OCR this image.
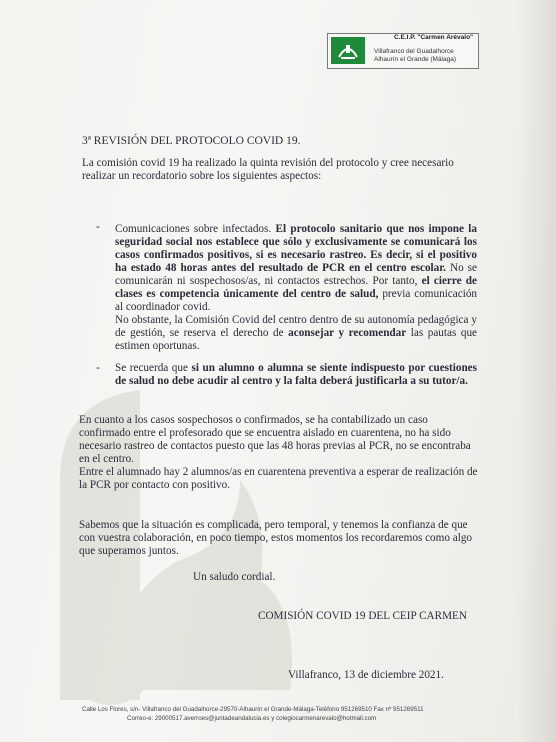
C.E.I.P. "Carmen Arévalo"
Villafranco del Guadalhorce
Alhaurín el Grande (Málaga)
3ª REVISIÓN DEL PROTOCOLO COVID 19.
La comisión covid 19 ha realizado la quinta revisión del protocolo y cree necesario realizar un recordatorio sobre los siguientes aspectos:
- Comunicaciones sobre infectados. El protocolo sanitario que nos impone la seguridad social nos establece que sólo y exclusivamente se comunicará los casos confirmados positivos, si es necesario rastreo. Es decir, si el positivo ha estado 48 horas antes del resultado de PCR en el centro escolar. No se comunicarán ni sospechosos/as, ni contactos estrechos. Por tanto, el cierre de clases es competencia únicamente del centro de salud, previa comunicación al coordinador covid.
No obstante, la Comisión Covid del centro dentro de su autonomía pedagógica y de gestión, se reserva el derecho de aconsejar y recomendar las pautas que estimen oportunas.
- Se recuerda que si un alumno o alumna se siente indispuesto por cuestiones de salud no debe acudir al centro y la falta deberá justificarla a su tutor/a.
En cuanto a los casos sospechosos o confirmados, se ha contabilizado un caso confirmado entre el profesorado que se encuentra aislado en cuarentena, no ha sido necesario rastreo de contactos puesto que las 48 horas previas al PCR, no se encontraba en el centro.
Entre el alumnado hay 2 alumnos/as en cuarentena preventiva a esperar de realización de la PCR por contacto con positivo.
Sabemos que la situación es complicada, pero temporal, y tenemos la confianza de que con vuestra colaboración, en poco tiempo, estos momentos los recordaremos como algo que superamos juntos.
Un saludo cordial.
COMISIÓN COVID 19 DEL CEIP CARMEN
Villafranco, 13 de diciembre 2021.
Calle Los Flores, s/n- Villafranco del Guadalhorce-29570-Alhaurín el Grande-Málaga-Teléfono 951269510 Fax nº 951269511
Correo-e: 29000517.averroes@juntadeandalucia.es y colegiocarmenarevalo@hotmail.com
